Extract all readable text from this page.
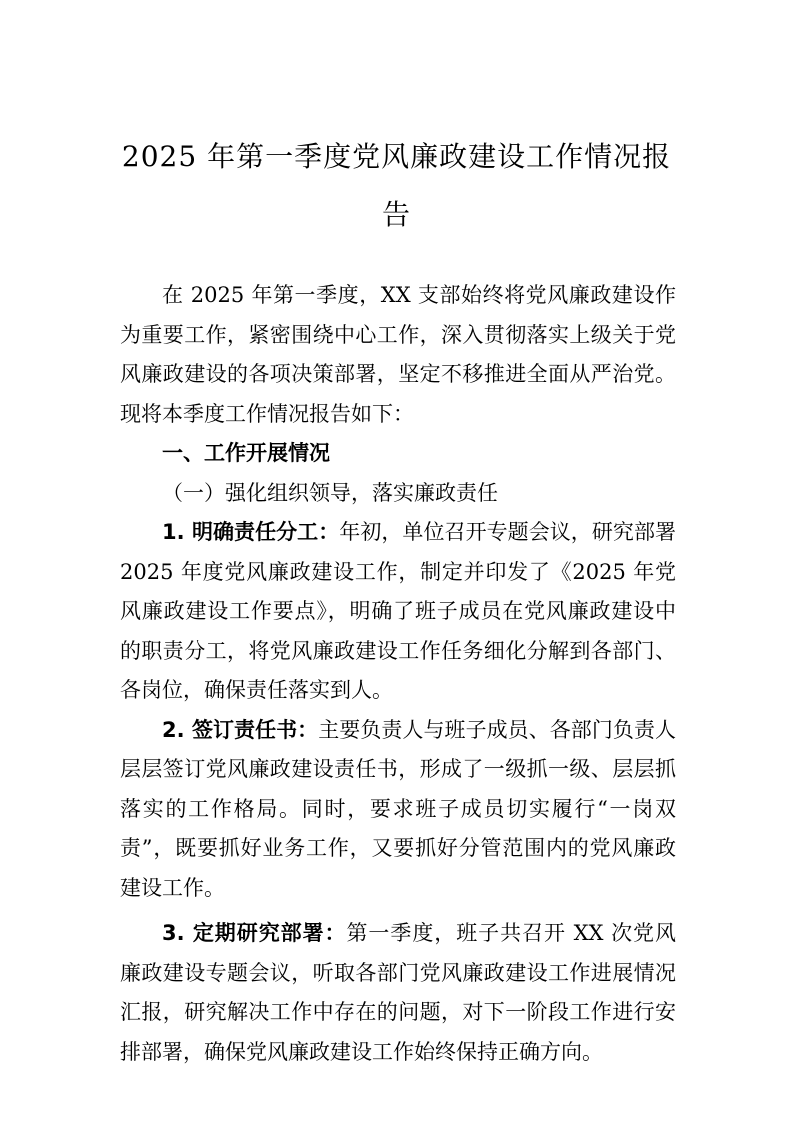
2025 年第一季度党风廉政建设工作情况报
告

在 2025 年第一季度，XX 支部始终将党风廉政建设作为重要工作，紧密围绕中心工作，深入贯彻落实上级关于党风廉政建设的各项决策部署，坚定不移推进全面从严治党。现将本季度工作情况报告如下：

一、工作开展情况

（一）强化组织领导，落实廉政责任

1. 明确责任分工：年初，单位召开专题会议，研究部署 2025 年度党风廉政建设工作，制定并印发了《2025 年党风廉政建设工作要点》，明确了班子成员在党风廉政建设中的职责分工，将党风廉政建设工作任务细化分解到各部门、各岗位，确保责任落实到人。

2. 签订责任书：主要负责人与班子成员、各部门负责人层层签订党风廉政建设责任书，形成了一级抓一级、层层抓落实的工作格局。同时，要求班子成员切实履行“一岗双责”，既要抓好业务工作，又要抓好分管范围内的党风廉政建设工作。

3. 定期研究部署：第一季度，班子共召开 XX 次党风廉政建设专题会议，听取各部门党风廉政建设工作进展情况汇报，研究解决工作中存在的问题，对下一阶段工作进行安排部署，确保党风廉政建设工作始终保持正确方向。
